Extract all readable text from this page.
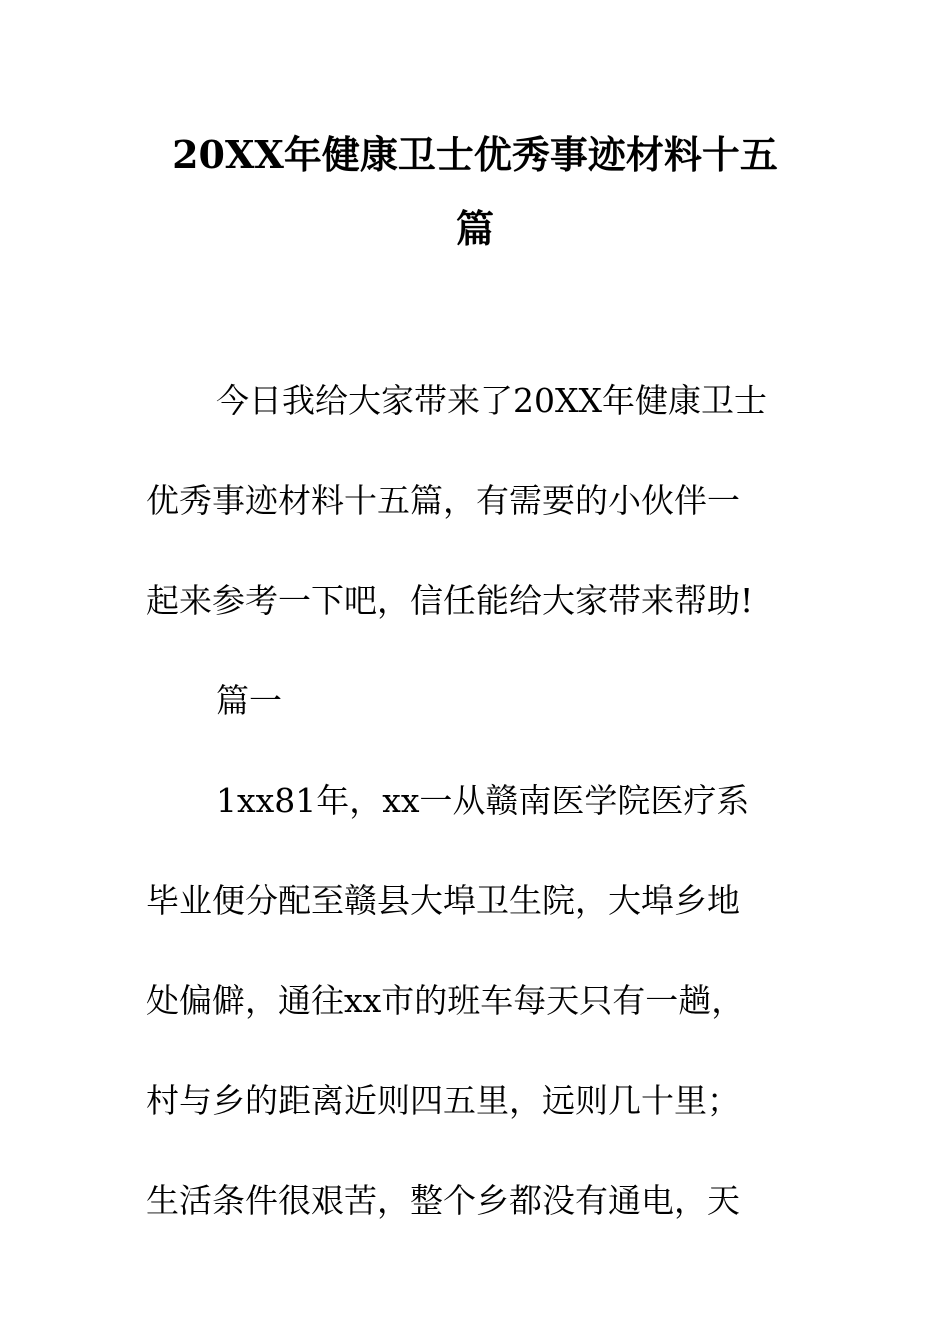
20XX年健康卫士优秀事迹材料十五
篇
今日我给大家带来了20XX年健康卫士
优秀事迹材料十五篇，有需要的小伙伴一
起来参考一下吧，信任能给大家带来帮助!
篇一
1xx81年，xx一从赣南医学院医疗系
毕业便分配至赣县大埠卫生院，大埠乡地
处偏僻，通往xx市的班车每天只有一趟，
村与乡的距离近则四五里，远则几十里；
生活条件很艰苦，整个乡都没有通电，天
